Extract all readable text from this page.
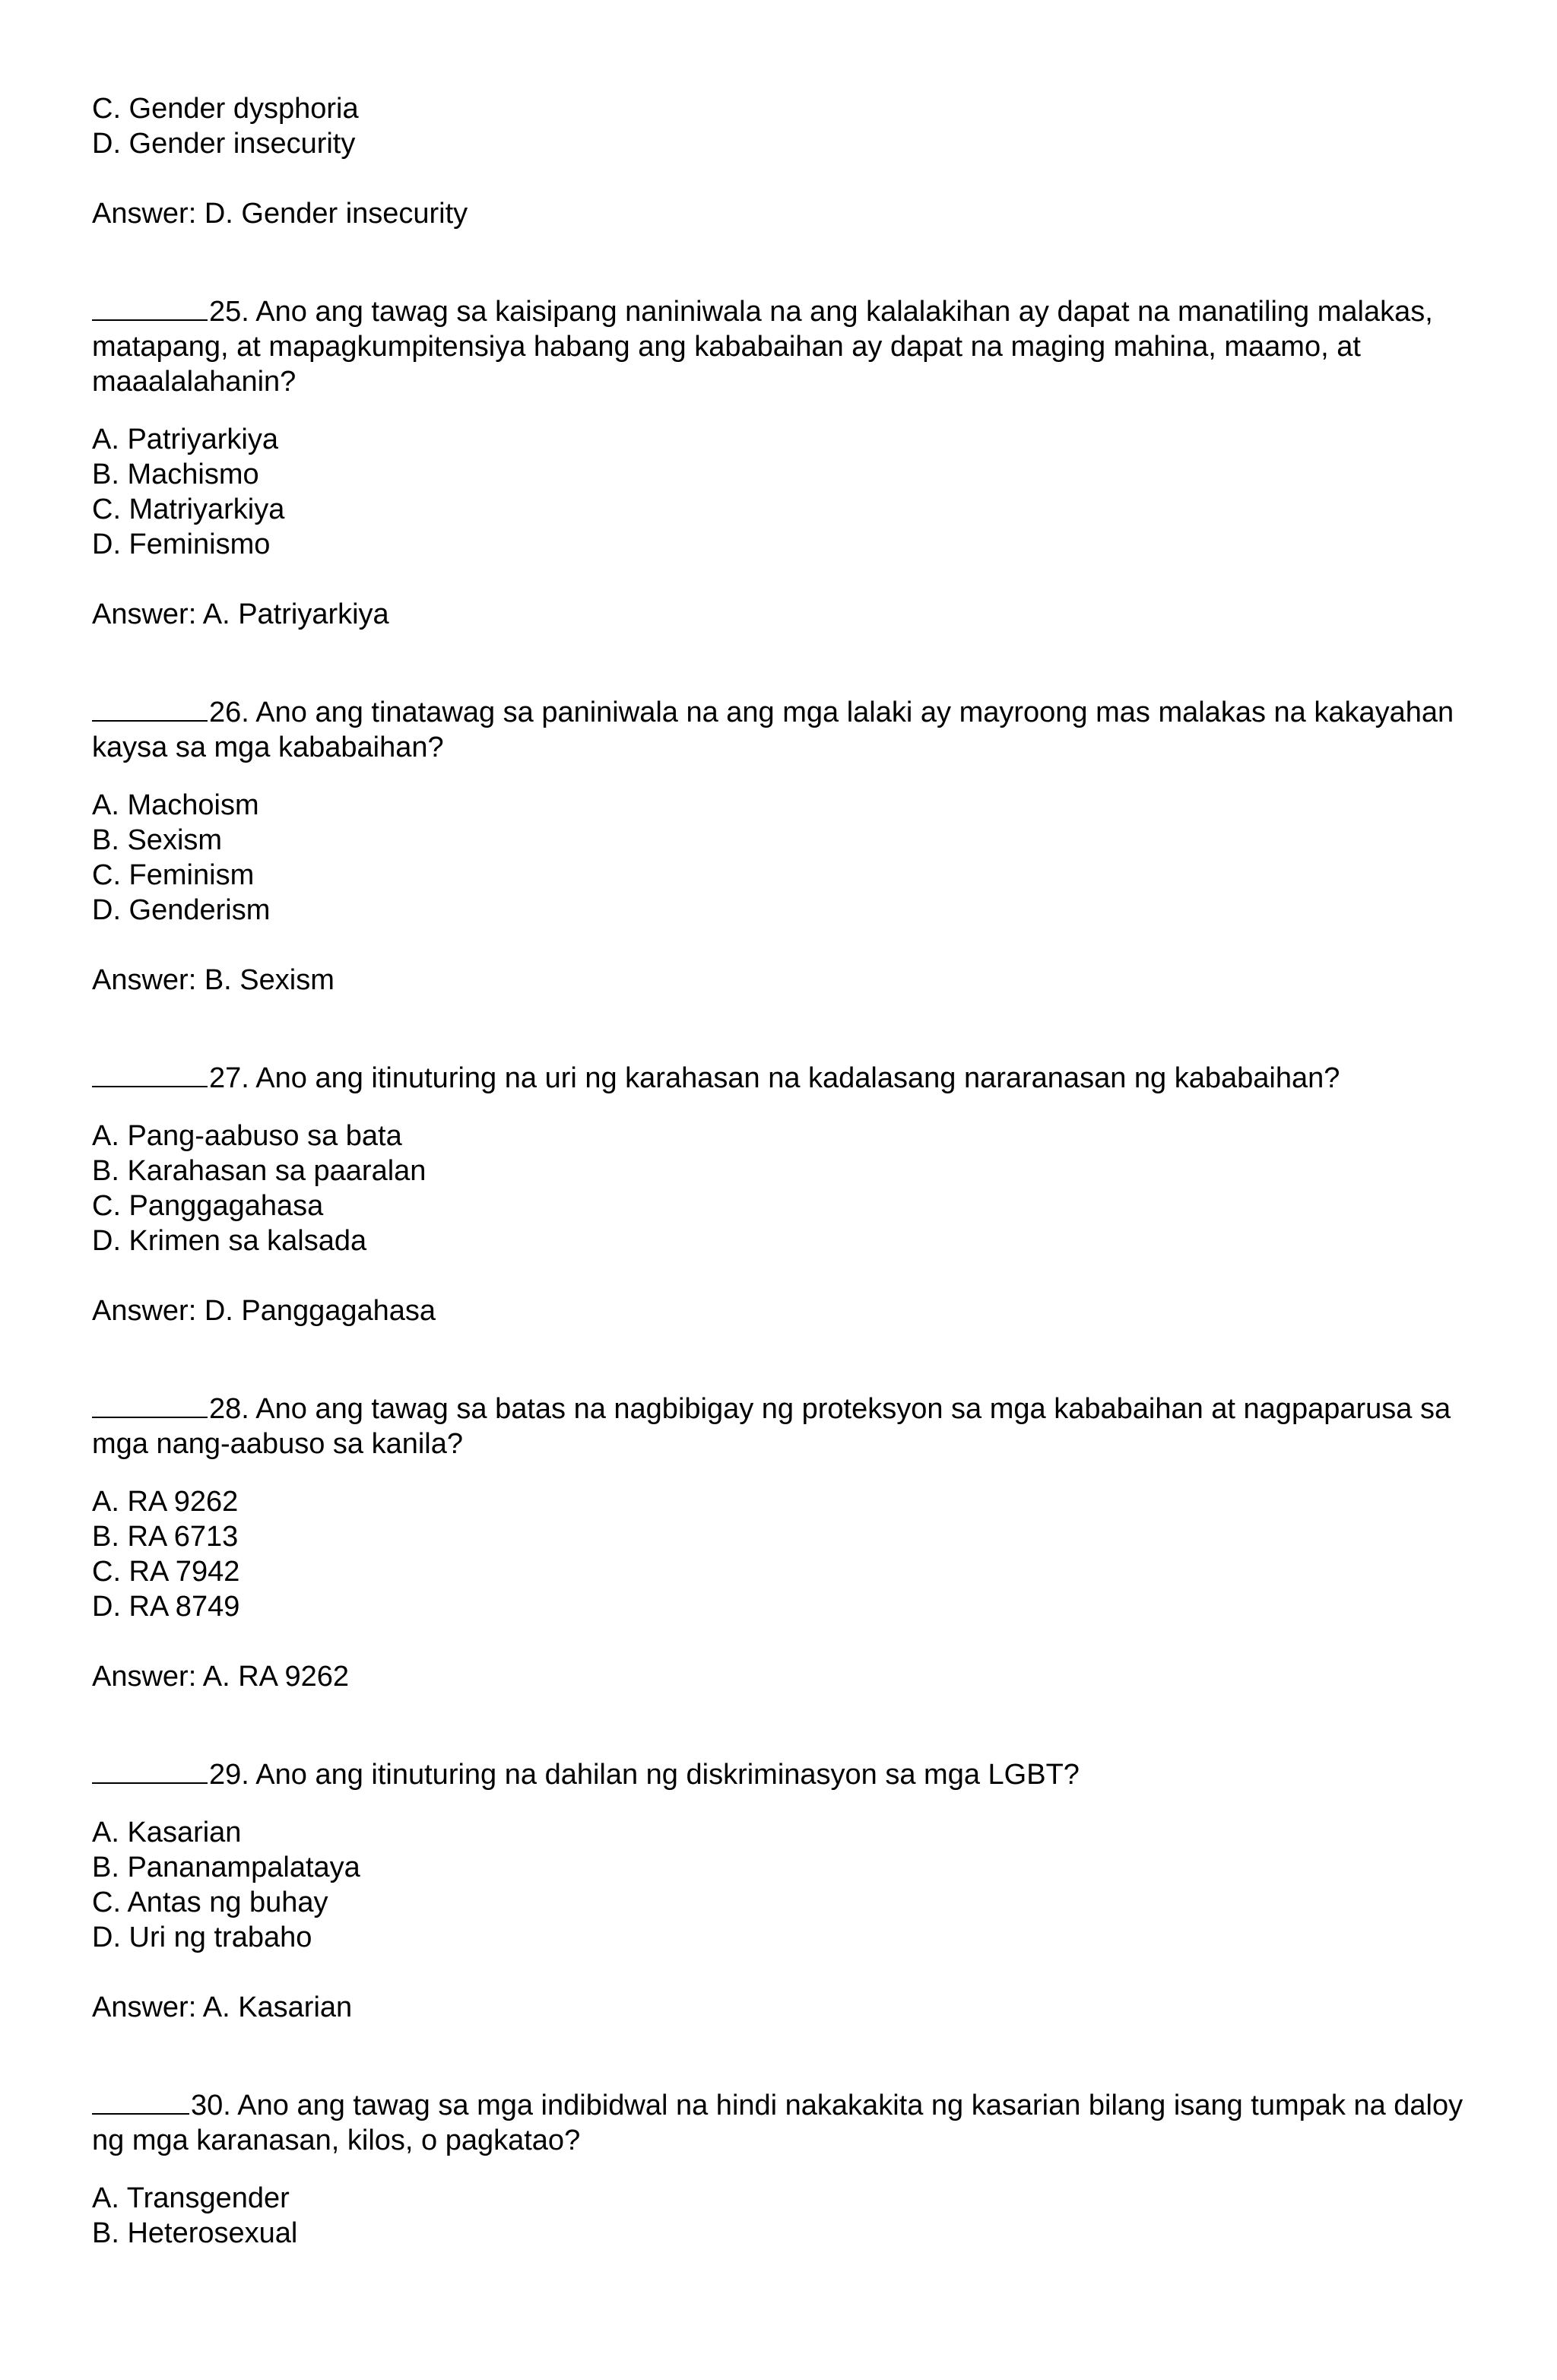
C. Gender dysphoria
D. Gender insecurity
Answer: D. Gender insecurity
25. Ano ang tawag sa kaisipang naniniwala na ang kalalakihan ay dapat na manatiling malakas, matapang, at mapagkumpitensiya habang ang kababaihan ay dapat na maging mahina, maamo, at maaalalahanin?
A. Patriyarkiya
B. Machismo
C. Matriyarkiya
D. Feminismo
Answer: A. Patriyarkiya
26. Ano ang tinatawag sa paniniwala na ang mga lalaki ay mayroong mas malakas na kakayahan kaysa sa mga kababaihan?
A. Machoism
B. Sexism
C. Feminism
D. Genderism
Answer: B. Sexism
27. Ano ang itinuturing na uri ng karahasan na kadalasang nararanasan ng kababaihan?
A. Pang-aabuso sa bata
B. Karahasan sa paaralan
C. Panggagahasa
D. Krimen sa kalsada
Answer: D. Panggagahasa
28. Ano ang tawag sa batas na nagbibigay ng proteksyon sa mga kababaihan at nagpaparusa sa mga nang-aabuso sa kanila?
A. RA 9262
B. RA 6713
C. RA 7942
D. RA 8749
Answer: A. RA 9262
29. Ano ang itinuturing na dahilan ng diskriminasyon sa mga LGBT?
A. Kasarian
B. Pananampalataya
C. Antas ng buhay
D. Uri ng trabaho
Answer: A. Kasarian
30. Ano ang tawag sa mga indibidwal na hindi nakakakita ng kasarian bilang isang tumpak na daloy ng mga karanasan, kilos, o pagkatao?
A. Transgender
B. Heterosexual
